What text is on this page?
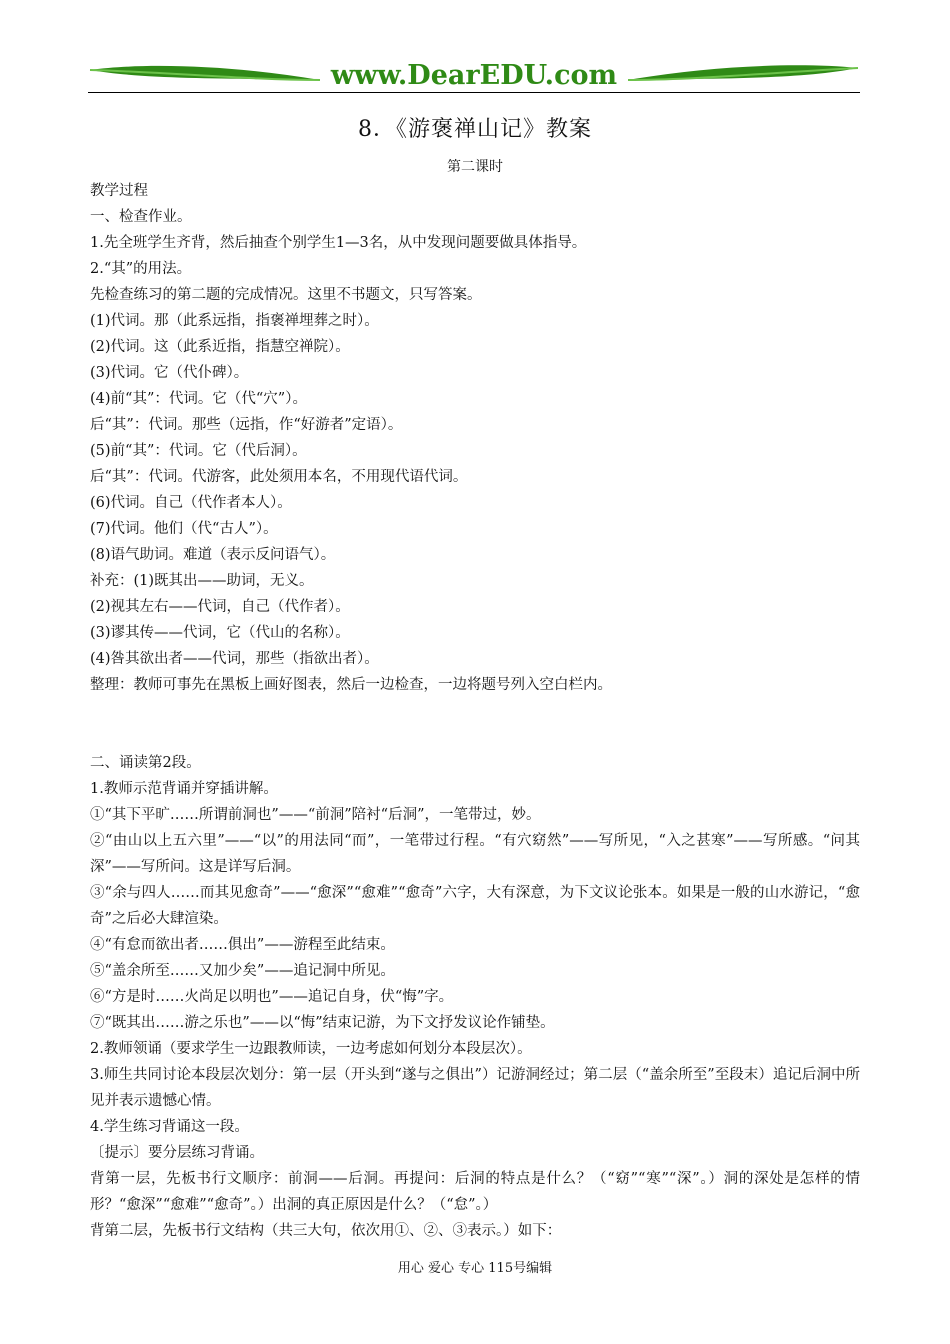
www.DearEDU.com
8．《游褒禅山记》教案
第二课时

教学过程

一、检查作业。

1.先全班学生齐背，然后抽查个别学生1—3名，从中发现问题要做具体指导。

2.“其”的用法。

先检查练习的第二题的完成情况。这里不书题文，只写答案。

(1)代词。那（此系远指，指褒禅埋葬之时）。

(2)代词。这（此系近指，指慧空禅院）。

(3)代词。它（代仆碑）。

(4)前“其”：代词。它（代“穴”）。

后“其”：代词。那些（远指，作“好游者”定语）。

(5)前“其”：代词。它（代后洞）。

后“其”：代词。代游客，此处须用本名，不用现代语代词。

(6)代词。自己（代作者本人）。

(7)代词。他们（代“古人”）。

(8)语气助词。难道（表示反问语气）。

补充：(1)既其出——助词，无义。

(2)视其左右——代词，自己（代作者）。

(3)谬其传——代词，它（代山的名称）。

(4)咎其欲出者——代词，那些（指欲出者）。

整理：教师可事先在黑板上画好图表，然后一边检查，一边将题号列入空白栏内。

二、诵读第2段。

1.教师示范背诵并穿插讲解。

①“其下平旷……所谓前洞也”——“前洞”陪衬“后洞”，一笔带过，妙。

②“由山以上五六里”——“以”的用法同“而”，一笔带过行程。“有穴窈然”——写所见，“入之甚寒”——写所感。“问其深”——写所问。这是详写后洞。

③“余与四人……而其见愈奇”——“愈深”“愈难”“愈奇”六字，大有深意，为下文议论张本。如果是一般的山水游记，“愈奇”之后必大肆渲染。

④“有怠而欲出者……俱出”——游程至此结束。

⑤“盖余所至……又加少矣”——追记洞中所见。

⑥“方是时……火尚足以明也”——追记自身，伏“悔”字。

⑦“既其出……游之乐也”——以“悔”结束记游，为下文抒发议论作铺垫。

2.教师领诵（要求学生一边跟教师读，一边考虑如何划分本段层次）。

3.师生共同讨论本段层次划分：第一层（开头到“遂与之俱出”）记游洞经过；第二层（“盖余所至”至段末）追记后洞中所见并表示遗憾心情。

4.学生练习背诵这一段。

〔提示〕要分层练习背诵。

背第一层，先板书行文顺序：前洞——后洞。再提问：后洞的特点是什么？（“窈”“寒”“深”。）洞的深处是怎样的情形？“愈深”“愈难”“愈奇”。）出洞的真正原因是什么？（“怠”。）

背第二层，先板书行文结构（共三大句，依次用①、②、③表示。）如下：

用心 爱心 专心 115号编辑
